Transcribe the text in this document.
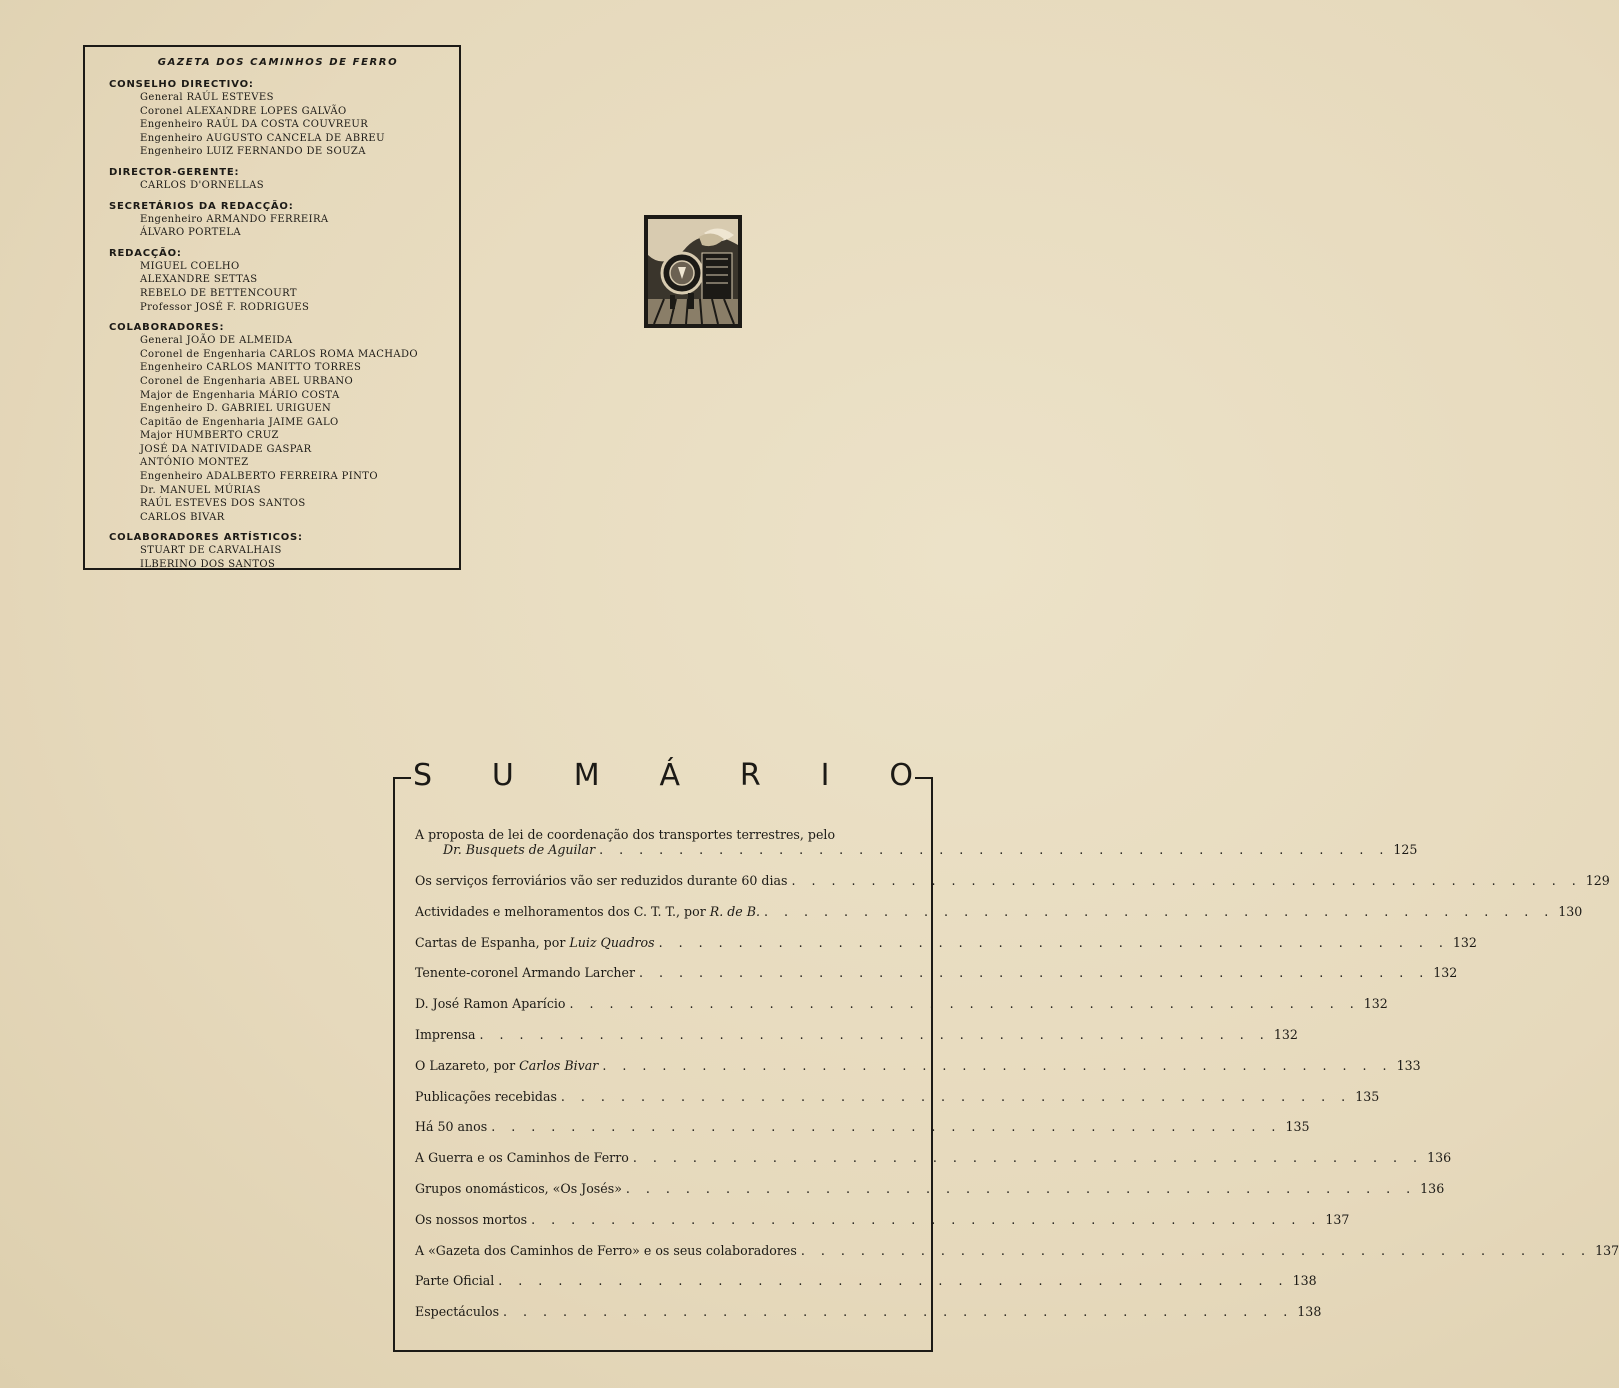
GAZETA DOS CAMINHOS DE FERRO
CONSELHO DIRECTIVO:
General RAÚL ESTEVES
Coronel ALEXANDRE LOPES GALVÃO
Engenheiro RAÚL DA COSTA COUVREUR
Engenheiro AUGUSTO CANCELA DE ABREU
Engenheiro LUIZ FERNANDO DE SOUZA
DIRECTOR-GERENTE:
CARLOS D'ORNELLAS
SECRETÁRIOS DA REDACÇÃO:
Engenheiro ARMANDO FERREIRA
ÁLVARO PORTELA
REDACÇÃO:
MIGUEL COELHO
ALEXANDRE SETTAS
REBELO DE BETTENCOURT
Professor JOSÉ F. RODRIGUES
COLABORADORES:
General JOÃO DE ALMEIDA
Coronel de Engenharia CARLOS ROMA MACHADO
Engenheiro CARLOS MANITTO TORRES
Coronel de Engenharia ABEL URBANO
Major de Engenharia MÁRIO COSTA
Engenheiro D. GABRIEL URIGUEN
Capitão de Engenharia JAIME GALO
Major HUMBERTO CRUZ
JOSÉ DA NATIVIDADE GASPAR
ANTÓNIO MONTEZ
Engenheiro ADALBERTO FERREIRA PINTO
Dr. MANUEL MÚRIAS
RAÚL ESTEVES DOS SANTOS
CARLOS BIVAR
COLABORADORES ARTÍSTICOS:
STUART DE CARVALHAIS
ILBERINO DOS SANTOS
S U M Á R I O
A proposta de lei de coordenação dos transportes terrestres, pelo
Dr. Busquets de Aguilar . . . . . . . . . . . . . . . . . . . . . . . . . . . . . . . . . . . . . . . . 125
Os serviços ferroviários vão ser reduzidos durante 60 dias . . . . . . . . . . . . . . . . . . . . . . . . . . . . . . . . . . . . . . . . 129
Actividades e melhoramentos dos C. T. T., por R. de B. . . . . . . . . . . . . . . . . . . . . . . . . . . . . . . . . . . . . . . . . 130
Cartas de Espanha, por Luiz Quadros . . . . . . . . . . . . . . . . . . . . . . . . . . . . . . . . . . . . . . . . 132
Tenente-coronel Armando Larcher . . . . . . . . . . . . . . . . . . . . . . . . . . . . . . . . . . . . . . . . 132
D. José Ramon Aparício . . . . . . . . . . . . . . . . . . . . . . . . . . . . . . . . . . . . . . . . 132
Imprensa . . . . . . . . . . . . . . . . . . . . . . . . . . . . . . . . . . . . . . . . 132
O Lazareto, por Carlos Bivar . . . . . . . . . . . . . . . . . . . . . . . . . . . . . . . . . . . . . . . . 133
Publicações recebidas . . . . . . . . . . . . . . . . . . . . . . . . . . . . . . . . . . . . . . . . 135
Há 50 anos . . . . . . . . . . . . . . . . . . . . . . . . . . . . . . . . . . . . . . . . 135
A Guerra e os Caminhos de Ferro . . . . . . . . . . . . . . . . . . . . . . . . . . . . . . . . . . . . . . . . 136
Grupos onomásticos, «Os Josés» . . . . . . . . . . . . . . . . . . . . . . . . . . . . . . . . . . . . . . . . 136
Os nossos mortos . . . . . . . . . . . . . . . . . . . . . . . . . . . . . . . . . . . . . . . . 137
A «Gazeta dos Caminhos de Ferro» e os seus colaboradores . . . . . . . . . . . . . . . . . . . . . . . . . . . . . . . . . . . . . . . . 137
Parte Oficial . . . . . . . . . . . . . . . . . . . . . . . . . . . . . . . . . . . . . . . . 138
Espectáculos . . . . . . . . . . . . . . . . . . . . . . . . . . . . . . . . . . . . . . . . 138
